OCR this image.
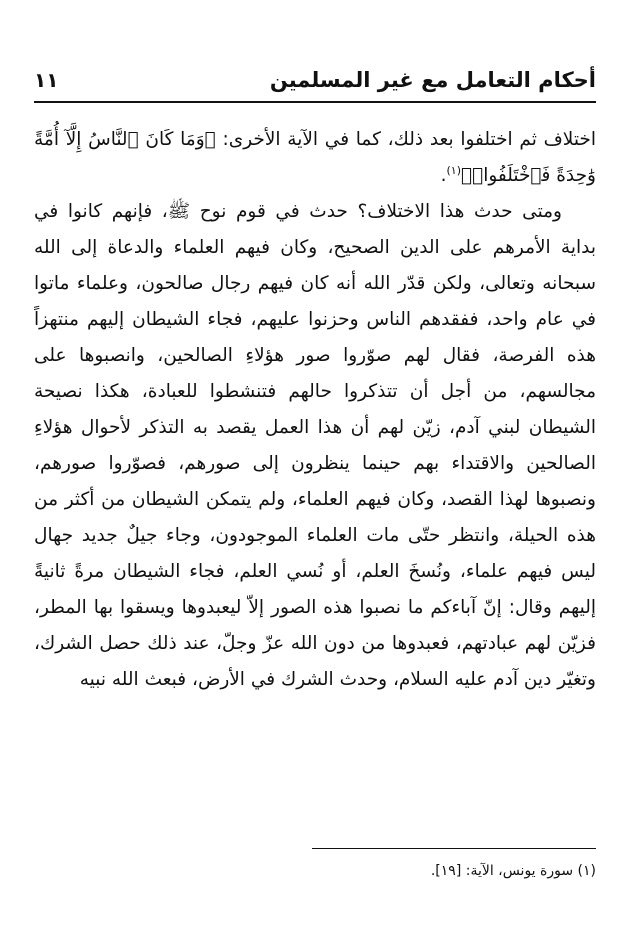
أحكام التعامل مع غير المسلمين
١١

اختلاف ثم اختلفوا بعد ذلك، كما في الآية الأخرى: ﴿وَمَا كَانَ ٱلنَّاسُ إِلَّآ أُمَّةً وَٰحِدَةً فَٱخْتَلَفُوا۟﴾$^{(١)}$.

ومتى حدث هذا الاختلاف؟ حدث في قوم نوح ﷺ، فإنهم كانوا في بداية الأمرهم على الدين الصحيح، وكان فيهم العلماء والدعاة إلى الله سبحانه وتعالى، ولكن قدّر الله أنه كان فيهم رجال صالحون، وعلماء ماتوا في عام واحد، ففقدهم الناس وحزنوا عليهم، فجاء الشيطان إليهم منتهزاً هذه الفرصة، فقال لهم صوّروا صور هؤلاءِ الصالحين، وانصبوها على مجالسهم، من أجل أن تتذكروا حالهم فتنشطوا للعبادة، هكذا نصيحة الشيطان لبني آدم، زيّن لهم أن هذا العمل يقصد به التذكر لأحوال هؤلاءِ الصالحين والاقتداء بهم حينما ينظرون إلى صورهم، فصوّروا صورهم، ونصبوها لهذا القصد، وكان فيهم العلماء، ولم يتمكن الشيطان من أكثر من هذه الحيلة، وانتظر حتّى مات العلماء الموجودون، وجاء جيلٌ جديد جهال ليس فيهم علماء، ونُسخَ العلم، أو نُسي العلم، فجاء الشيطان مرةً ثانيةً إليهم وقال: إنّ آباءكم ما نصبوا هذه الصور إلاّ ليعبدوها ويسقوا بها المطر، فزيّن لهم عبادتهم، فعبدوها من دون الله عزّ وجلّ، عند ذلك حصل الشرك، وتغيّر دين آدم عليه السلام، وحدث الشرك في الأرض، فبعث الله نبيه

(١) سورة يونس، الآية: [١٩].
